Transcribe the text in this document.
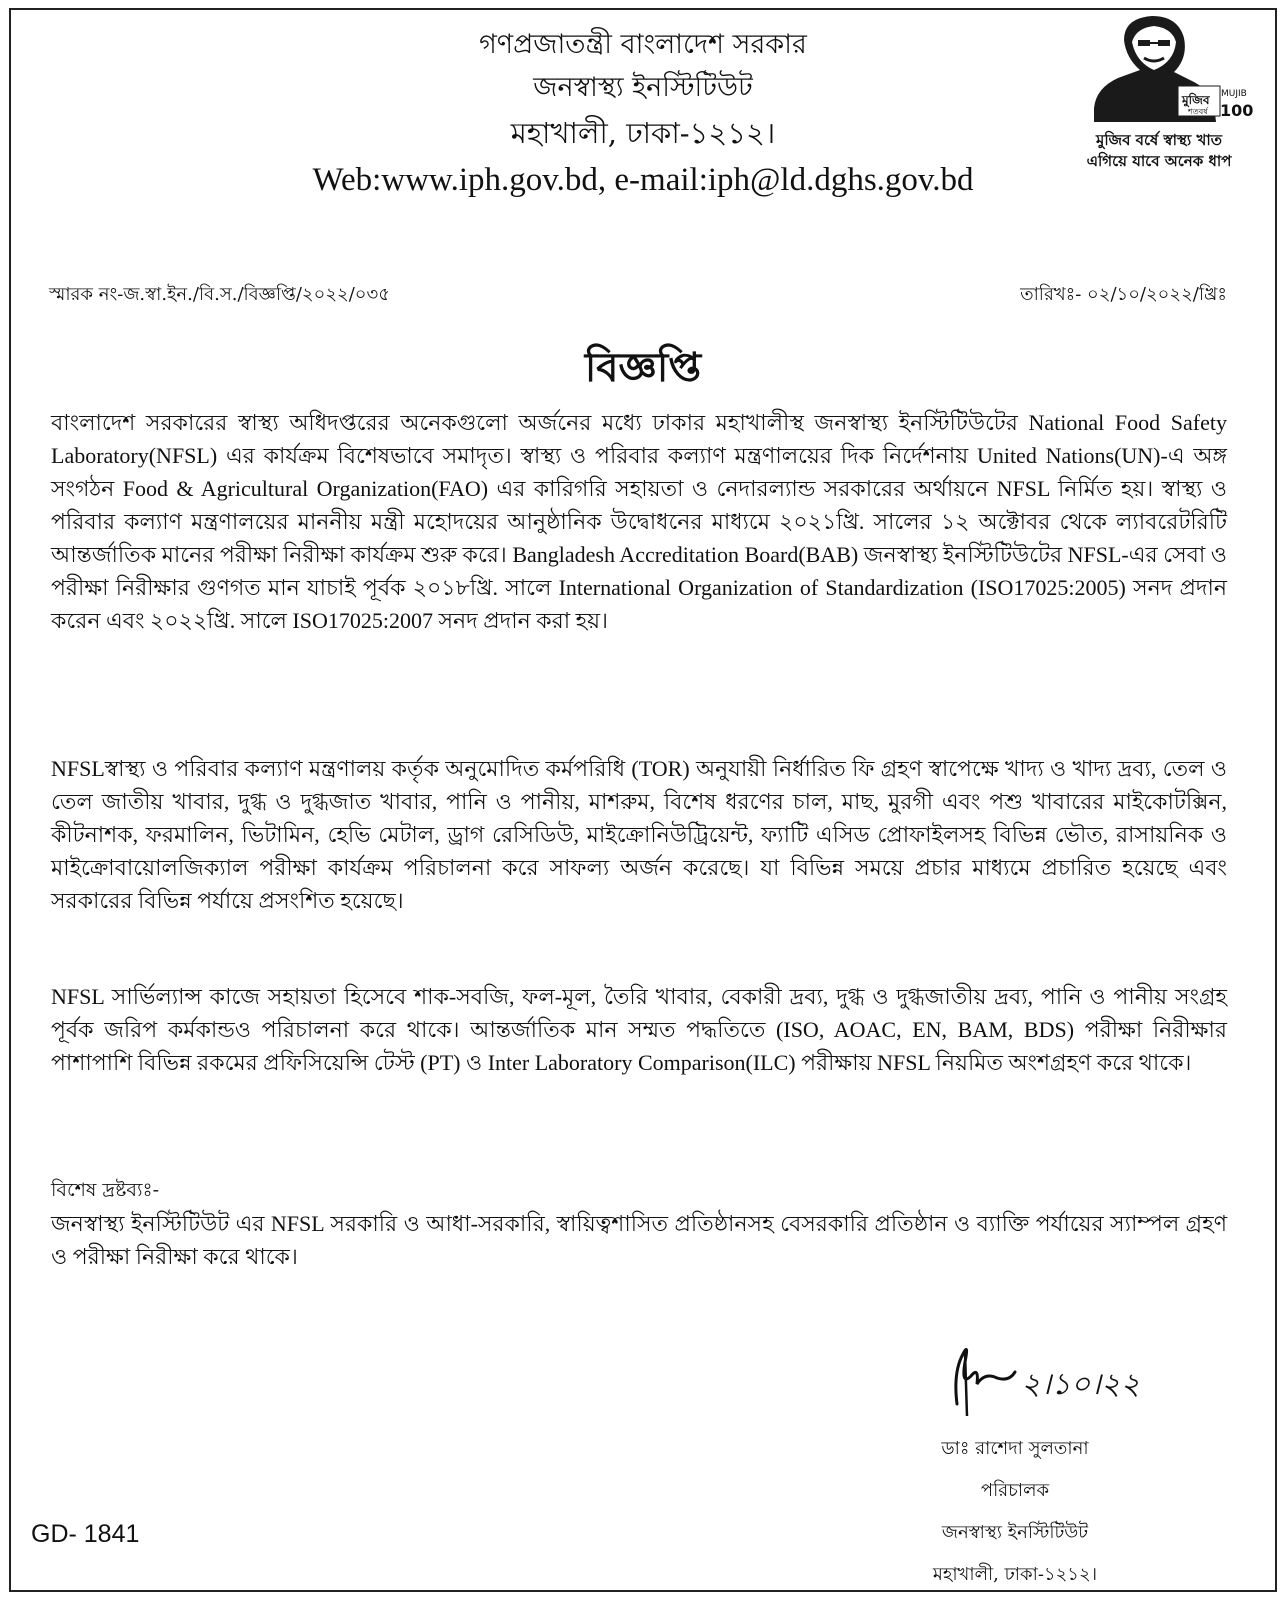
গণপ্রজাতন্ত্রী বাংলাদেশ সরকার
জনস্বাস্থ্য ইনস্টিটিউট
মহাখালী, ঢাকা-১২১২।
Web:www.iph.gov.bd, e-mail:iph@ld.dghs.gov.bd
মুজিব
শতবর্ষ
MUJIB
100
মুজিব বর্ষে স্বাস্থ্য খাত
এগিয়ে যাবে অনেক ধাপ
স্মারক নং-জ.স্বা.ইন./বি.স./বিজ্ঞপ্তি/২০২২/০৩৫	তারিখঃ- ০২/১০/২০২২/খ্রিঃ
বিজ্ঞপ্তি

বাংলাদেশ সরকারের স্বাস্থ্য অধিদপ্তরের অনেকগুলো অর্জনের মধ্যে ঢাকার মহাখালীস্থ জনস্বাস্থ্য ইনস্টিটিউটের National Food Safety Laboratory(NFSL) এর কার্যক্রম বিশেষভাবে সমাদৃত। স্বাস্থ্য ও পরিবার কল্যাণ মন্ত্রণালয়ের দিক নির্দেশনায় United Nations(UN)-এ অঙ্গ সংগঠন Food & Agricultural Organization(FAO) এর কারিগরি সহায়তা ও নেদারল্যান্ড সরকারের অর্থায়নে NFSL নির্মিত হয়। স্বাস্থ্য ও পরিবার কল্যাণ মন্ত্রণালয়ের মাননীয় মন্ত্রী মহোদয়ের আনুষ্ঠানিক উদ্বোধনের মাধ্যমে ২০২১খ্রি. সালের ১২ অক্টোবর থেকে ল্যাবরেটরিটি আন্তর্জাতিক মানের পরীক্ষা নিরীক্ষা কার্যক্রম শুরু করে। Bangladesh Accreditation Board(BAB) জনস্বাস্থ্য ইনস্টিটিউটের NFSL-এর সেবা ও পরীক্ষা নিরীক্ষার গুণগত মান যাচাই পূর্বক ২০১৮খ্রি. সালে International Organization of Standardization (ISO17025:2005) সনদ প্রদান করেন এবং ২০২২খ্রি. সালে ISO17025:2007 সনদ প্রদান করা হয়।

NFSLস্বাস্থ্য ও পরিবার কল্যাণ মন্ত্রণালয় কর্তৃক অনুমোদিত কর্মপরিধি (TOR) অনুযায়ী নির্ধারিত ফি গ্রহণ স্বাপেক্ষে খাদ্য ও খাদ্য দ্রব্য, তেল ও তেল জাতীয় খাবার, দুগ্ধ ও দুগ্ধজাত খাবার, পানি ও পানীয়, মাশরুম, বিশেষ ধরণের চাল, মাছ, মুরগী এবং পশু খাবারের মাইকোটক্সিন, কীটনাশক, ফরমালিন, ভিটামিন, হেভি মেটাল, ড্রাগ রেসিডিউ, মাইক্রোনিউট্রিয়েন্ট, ফ্যাটি এসিড প্রোফাইলসহ বিভিন্ন ভৌত, রাসায়নিক ও মাইক্রোবায়োলজিক্যাল পরীক্ষা কার্যক্রম পরিচালনা করে সাফল্য অর্জন করেছে। যা বিভিন্ন সময়ে প্রচার মাধ্যমে প্রচারিত হয়েছে এবং সরকারের বিভিন্ন পর্যায়ে প্রসংশিত হয়েছে।

NFSL সার্ভিল্যান্স কাজে সহায়তা হিসেবে শাক-সবজি, ফল-মূল, তৈরি খাবার, বেকারী দ্রব্য, দুগ্ধ ও দুগ্ধজাতীয় দ্রব্য, পানি ও পানীয় সংগ্রহ পূর্বক জরিপ কর্মকান্ডও পরিচালনা করে থাকে। আন্তর্জাতিক মান সম্মত পদ্ধতিতে (ISO, AOAC, EN, BAM, BDS) পরীক্ষা নিরীক্ষার পাশাপাশি বিভিন্ন রকমের প্রফিসিয়েন্সি টেস্ট (PT) ও Inter Laboratory Comparison(ILC) পরীক্ষায় NFSL নিয়মিত অংশগ্রহণ করে থাকে।

বিশেষ দ্রষ্টব্যঃ-

জনস্বাস্থ্য ইনস্টিটিউট এর NFSL সরকারি ও আধা-সরকারি, স্বায়িত্বশাসিত প্রতিষ্ঠানসহ বেসরকারি প্রতিষ্ঠান ও ব্যাক্তি পর্যায়ের স্যাম্পল গ্রহণ ও পরীক্ষা নিরীক্ষা করে থাকে।

২।১০।২২
ডাঃ রাশেদা সুলতানা
পরিচালক
জনস্বাস্থ্য ইনস্টিটিউট
মহাখালী, ঢাকা-১২১২।
GD- 1841
